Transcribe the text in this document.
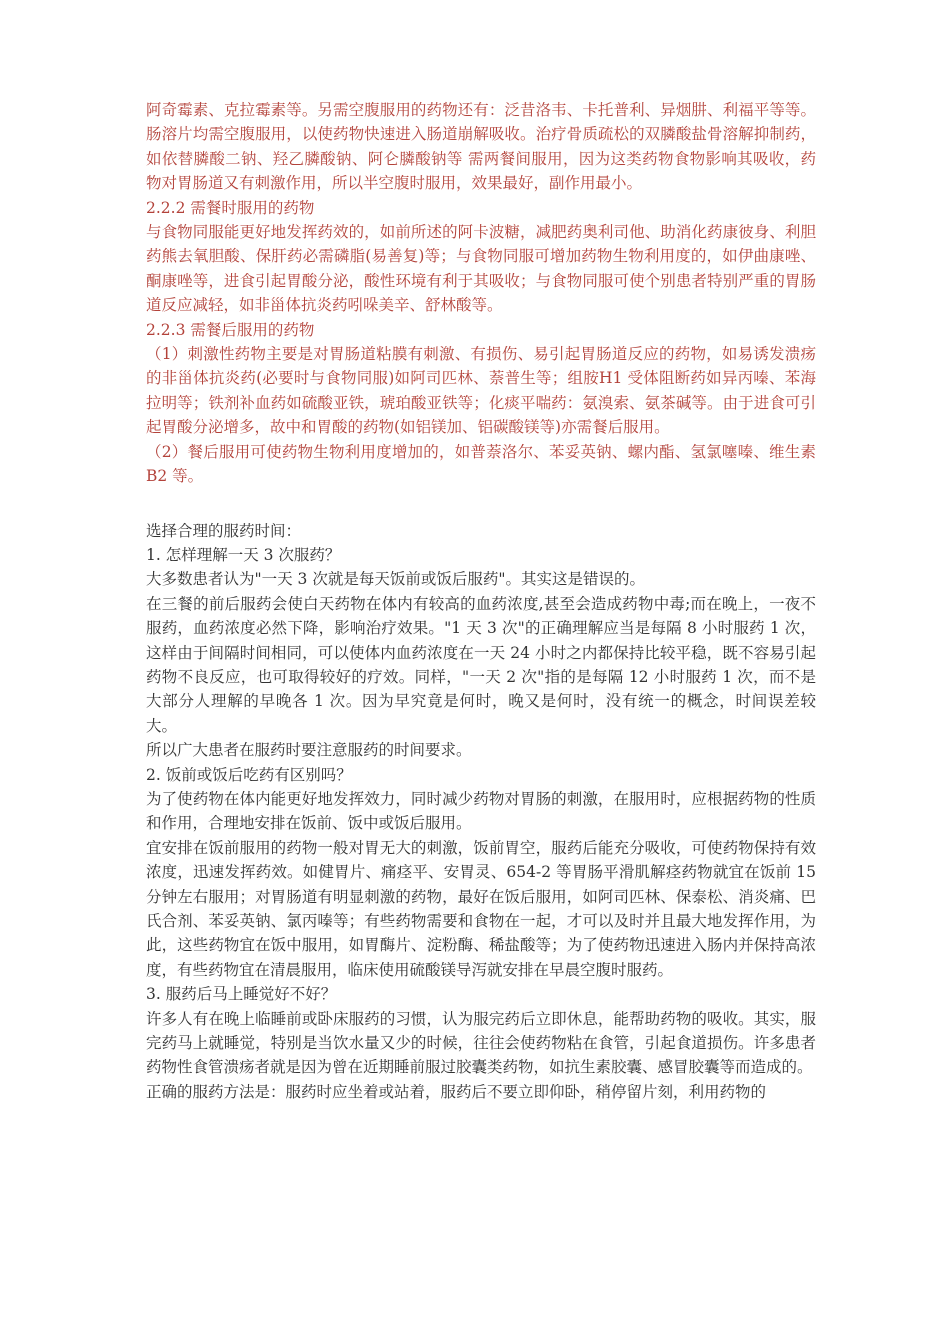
阿奇霉素、克拉霉素等。另需空腹服用的药物还有：泛昔洛韦、卡托普利、异烟肼、利福平等等。肠溶片均需空腹服用，以使药物快速进入肠道崩解吸收。治疗骨质疏松的双膦酸盐骨溶解抑制药，如依替膦酸二钠、羟乙膦酸钠、阿仑膦酸钠等 需两餐间服用，因为这类药物食物影响其吸收，药物对胃肠道又有刺激作用，所以半空腹时服用，效果最好，副作用最小。

2.2.2 需餐时服用的药物

与食物同服能更好地发挥药效的，如前所述的阿卡波糖，减肥药奥利司他、助消化药康彼身、利胆药熊去氧胆酸、保肝药必需磷脂(易善复)等；与食物同服可增加药物生物利用度的，如伊曲康唑、酮康唑等，进食引起胃酸分泌，酸性环境有利于其吸收；与食物同服可使个别患者特别严重的胃肠道反应减轻，如非甾体抗炎药吲哚美辛、舒林酸等。

2.2.3 需餐后服用的药物

（1）刺激性药物主要是对胃肠道粘膜有刺激、有损伤、易引起胃肠道反应的药物，如易诱发溃疡的非甾体抗炎药(必要时与食物同服)如阿司匹林、萘普生等；组胺H1 受体阻断药如异丙嗪、苯海拉明等；铁剂补血药如硫酸亚铁，琥珀酸亚铁等；化痰平喘药：氨溴索、氨茶碱等。由于进食可引起胃酸分泌增多，故中和胃酸的药物(如铝镁加、铝碳酸镁等)亦需餐后服用。

（2）餐后服用可使药物生物利用度增加的，如普萘洛尔、苯妥英钠、螺内酯、氢氯噻嗪、维生素 B2 等。

选择合理的服药时间：

1. 怎样理解一天 3 次服药？

大多数患者认为"一天 3 次就是每天饭前或饭后服药"。其实这是错误的。

在三餐的前后服药会使白天药物在体内有较高的血药浓度,甚至会造成药物中毒;而在晚上，一夜不服药，血药浓度必然下降，影响治疗效果。"1 天 3 次"的正确理解应当是每隔 8 小时服药 1 次，这样由于间隔时间相同，可以使体内血药浓度在一天 24 小时之内都保持比较平稳，既不容易引起药物不良反应，也可取得较好的疗效。同样，"一天 2 次"指的是每隔 12 小时服药 1 次，而不是大部分人理解的早晚各 1 次。因为早究竟是何时，晚又是何时，没有统一的概念，时间误差较大。

所以广大患者在服药时要注意服药的时间要求。

2. 饭前或饭后吃药有区别吗？

为了使药物在体内能更好地发挥效力，同时减少药物对胃肠的刺激，在服用时，应根据药物的性质和作用，合理地安排在饭前、饭中或饭后服用。

宜安排在饭前服用的药物一般对胃无大的刺激，饭前胃空，服药后能充分吸收，可使药物保持有效浓度，迅速发挥药效。如健胃片、痛痉平、安胃灵、654-2 等胃肠平滑肌解痉药物就宜在饭前 15 分钟左右服用；对胃肠道有明显刺激的药物，最好在饭后服用，如阿司匹林、保泰松、消炎痛、巴氏合剂、苯妥英钠、氯丙嗪等；有些药物需要和食物在一起，才可以及时并且最大地发挥作用，为此，这些药物宜在饭中服用，如胃酶片、淀粉酶、稀盐酸等；为了使药物迅速进入肠内并保持高浓度，有些药物宜在清晨服用，临床使用硫酸镁导泻就安排在早晨空腹时服药。

3. 服药后马上睡觉好不好？

许多人有在晚上临睡前或卧床服药的习惯，认为服完药后立即休息，能帮助药物的吸收。其实，服完药马上就睡觉，特别是当饮水量又少的时候，往往会使药物粘在食管，引起食道损伤。许多患者药物性食管溃疡者就是因为曾在近期睡前服过胶囊类药物，如抗生素胶囊、感冒胶囊等而造成的。

正确的服药方法是：服药时应坐着或站着，服药后不要立即仰卧，稍停留片刻，利用药物的
